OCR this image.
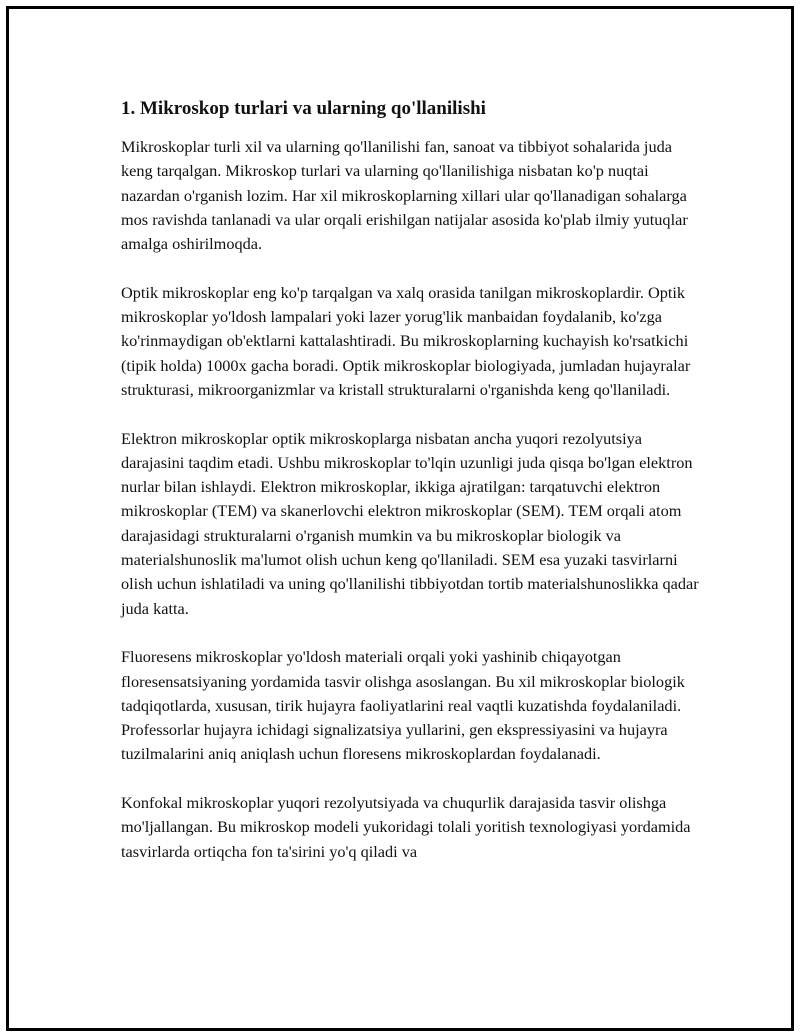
1. Mikroskop turlari va ularning qo'llanilishi

Mikroskoplar turli xil va ularning qo'llanilishi fan, sanoat va tibbiyot sohalarida juda keng tarqalgan. Mikroskop turlari va ularning qo'llanilishiga nisbatan ko'p nuqtai nazardan o'rganish lozim. Har xil mikroskoplarning xillari ular qo'llanadigan sohalarga mos ravishda tanlanadi va ular orqali erishilgan natijalar asosida ko'plab ilmiy yutuqlar amalga oshirilmoqda.

Optik mikroskoplar eng ko'p tarqalgan va xalq orasida tanilgan mikroskoplardir. Optik mikroskoplar yo'ldosh lampalari yoki lazer yorug'lik manbaidan foydalanib, ko'zga ko'rinmaydigan ob'ektlarni kattalashtiradi. Bu mikroskoplarning kuchayish ko'rsatkichi (tipik holda) 1000x gacha boradi. Optik mikroskoplar biologiyada, jumladan hujayralar strukturasi, mikroorganizmlar va kristall strukturalarni o'rganishda keng qo'llaniladi.

Elektron mikroskoplar optik mikroskoplarga nisbatan ancha yuqori rezolyutsiya darajasini taqdim etadi. Ushbu mikroskoplar to'lqin uzunligi juda qisqa bo'lgan elektron nurlar bilan ishlaydi. Elektron mikroskoplar, ikkiga ajratilgan: tarqatuvchi elektron mikroskoplar (TEM) va skanerlovchi elektron mikroskoplar (SEM). TEM orqali atom darajasidagi strukturalarni o'rganish mumkin va bu mikroskoplar biologik va materialshunoslik ma'lumot olish uchun keng qo'llaniladi. SEM esa yuzaki tasvirlarni olish uchun ishlatiladi va uning qo'llanilishi tibbiyotdan tortib materialshunoslikka qadar juda katta.

Fluoresens mikroskoplar yo'ldosh materiali orqali yoki yashinib chiqayotgan floresensatsiyaning yordamida tasvir olishga asoslangan. Bu xil mikroskoplar biologik tadqiqotlarda, xususan, tirik hujayra faoliyatlarini real vaqtli kuzatishda foydalaniladi. Professorlar hujayra ichidagi signalizatsiya yullarini, gen ekspressiyasini va hujayra tuzilmalarini aniq aniqlash uchun floresens mikroskoplardan foydalanadi.

Konfokal mikroskoplar yuqori rezolyutsiyada va chuqurlik darajasida tasvir olishga mo'ljallangan. Bu mikroskop modeli yukoridagi tolali yoritish texnologiyasi yordamida tasvirlarda ortiqcha fon ta'sirini yo'q qiladi va
